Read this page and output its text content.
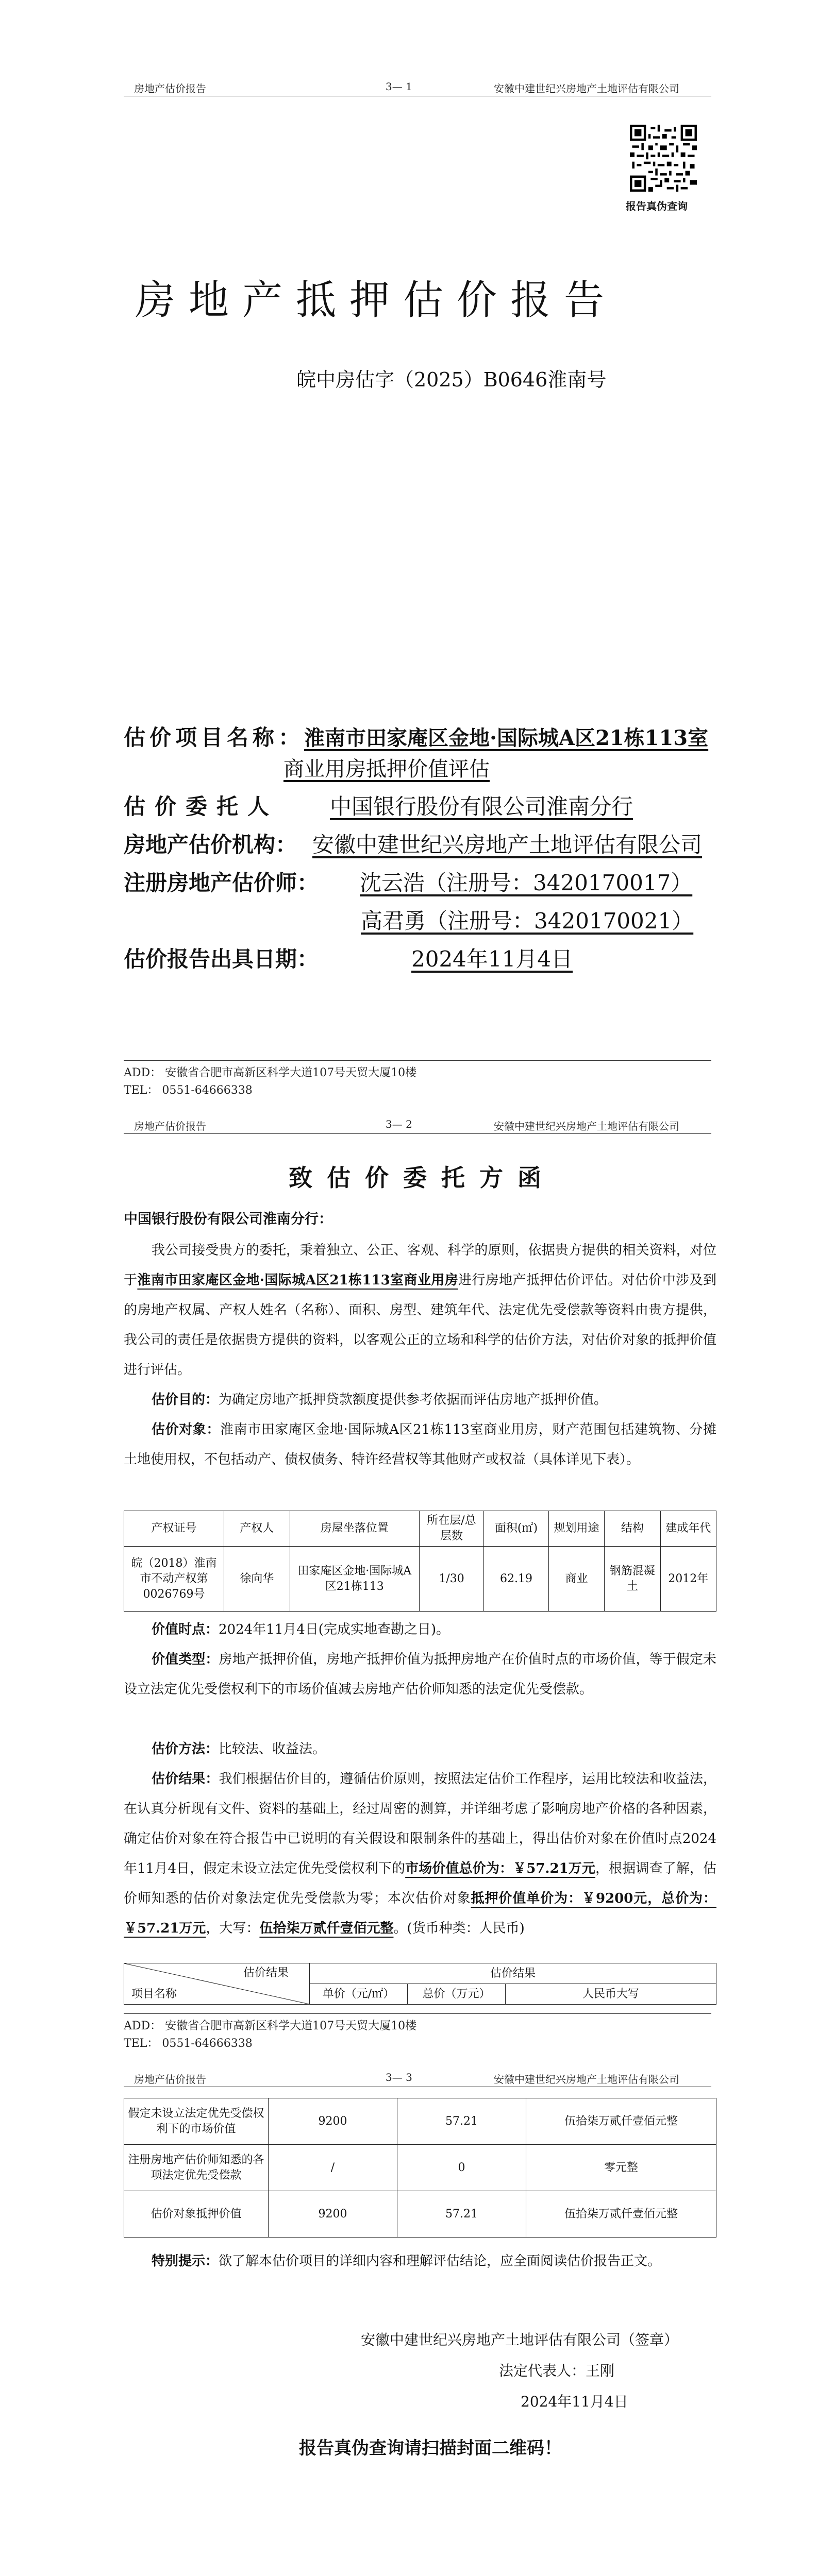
房地产估价报告	3— 1	安徽中建世纪兴房地产土地评估有限公司
报告真伪查询
房地产抵押估价报告
皖中房估字（2025）B0646淮南号
估价项目名称：淮南市田家庵区金地·国际城A区21栋113室
商业用房抵押价值评估
估价委托人 中国银行股份有限公司淮南分行
房地产估价机构： 安徽中建世纪兴房地产土地评估有限公司
注册房地产估价师： 沈云浩（注册号：3420170017）
高君勇（注册号：3420170021）
估价报告出具日期：	2024年11月4日
ADD： 安徽省合肥市高新区科学大道107号天贸大厦10楼
TEL： 0551-64666338
房地产估价报告	3— 2	安徽中建世纪兴房地产土地评估有限公司
致估价委托方函
中国银行股份有限公司淮南分行：
我公司接受贵方的委托，秉着独立、公正、客观、科学的原则，依据贵方提供的相关资料，对位于淮南市田家庵区金地·国际城A区21栋113室商业用房进行房地产抵押估价评估。对估价中涉及到的房地产权属、产权人姓名（名称）、面积、房型、建筑年代、法定优先受偿款等资料由贵方提供，我公司的责任是依据贵方提供的资料，以客观公正的立场和科学的估价方法，对估价对象的抵押价值进行评估。
估价目的：为确定房地产抵押贷款额度提供参考依据而评估房地产抵押价值。
估价对象：淮南市田家庵区金地·国际城A区21栋113室商业用房，财产范围包括建筑物、分摊土地使用权，不包括动产、债权债务、特许经营权等其他财产或权益（具体详见下表）。
产权证号	产权人	房屋坐落位置	所在层/总层数	面积(㎡)	规划用途	结构	建成年代
皖（2018）淮南市不动产权第0026769号	徐向华	田家庵区金地·国际城A区21栋113	1/30	62.19	商业	钢筋混凝土	2012年
价值时点：2024年11月4日(完成实地查勘之日)。
价值类型：房地产抵押价值，房地产抵押价值为抵押房地产在价值时点的市场价值，等于假定未设立法定优先受偿权利下的市场价值减去房地产估价师知悉的法定优先受偿款。
估价方法：比较法、收益法。
估价结果：我们根据估价目的，遵循估价原则，按照法定估价工作程序，运用比较法和收益法，在认真分析现有文件、资料的基础上，经过周密的测算，并详细考虑了影响房地产价格的各种因素，确定估价对象在符合报告中已说明的有关假设和限制条件的基础上，得出估价对象在价值时点2024年11月4日，假定未设立法定优先受偿权利下的市场价值总价为：￥57.21万元，根据调查了解，估价师知悉的估价对象法定优先受偿款为零；本次估价对象抵押价值单价为：￥9200元，总价为：￥57.21万元，大写：伍拾柒万贰仟壹佰元整。(货币种类：人民币)
估价结果
项目名称	估价结果		
	单价（元/㎡）	总价（万元）	人民币大写
ADD： 安徽省合肥市高新区科学大道107号天贸大厦10楼
TEL： 0551-64666338
房地产估价报告	3— 3	安徽中建世纪兴房地产土地评估有限公司
假定未设立法定优先受偿权利下的市场价值	9200	57.21	伍拾柒万贰仟壹佰元整
注册房地产估价师知悉的各项法定优先受偿款	/	0	零元整
估价对象抵押价值	9200	57.21	伍拾柒万贰仟壹佰元整
特别提示：欲了解本估价项目的详细内容和理解评估结论，应全面阅读估价报告正文。
安徽中建世纪兴房地产土地评估有限公司（签章）
法定代表人：王刚
2024年11月4日
报告真伪查询请扫描封面二维码！
